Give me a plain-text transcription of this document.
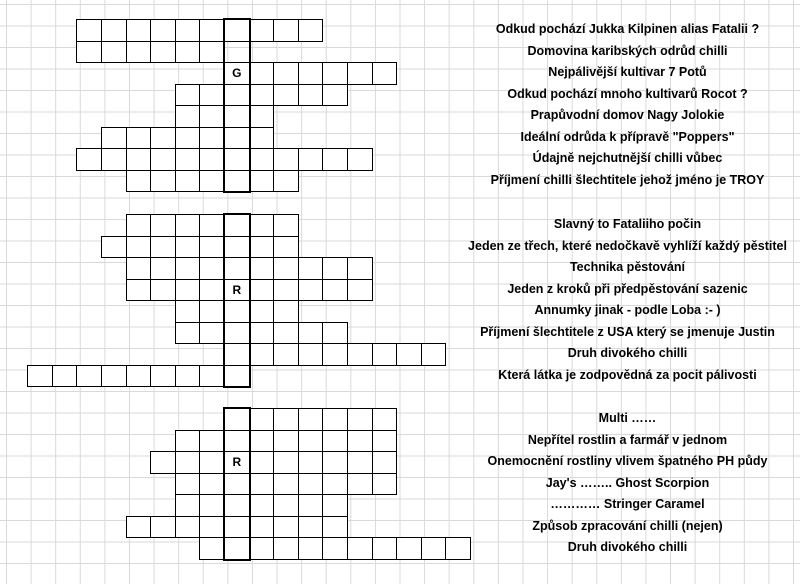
Odkud pochází Jukka Kilpinen alias Fatalii ?
Domovina karibských odrůd chilli
G	Nejpálivější kultivar 7 Potů
Odkud pochází mnoho kultivarů Rocot ?
Prapůvodní domov Nagy Jolokie
Ideální odrůda k přípravě "Poppers"
Údajně nejchutnější chilli vůbec
Příjmení chilli šlechtitele jehož jméno je TROY
Slavný to Fataliiho počin
Jeden ze třech, které nedočkavě vyhlíží každý pěstitel
Technika pěstování
R	Jeden z kroků při předpěstování sazenic
Annumky jinak - podle Loba :- )
Příjmení šlechtitele z USA který se jmenuje Justin
Druh divokého chilli
Která látka je zodpovědná za pocit pálivosti
Multi ……
Nepřítel rostlin a farmář v jednom
R	Onemocnění rostliny vlivem špatného PH půdy
Jay's …….. Ghost Scorpion
………… Stringer Caramel
Způsob zpracování chilli (nejen)
Druh divokého chilli
